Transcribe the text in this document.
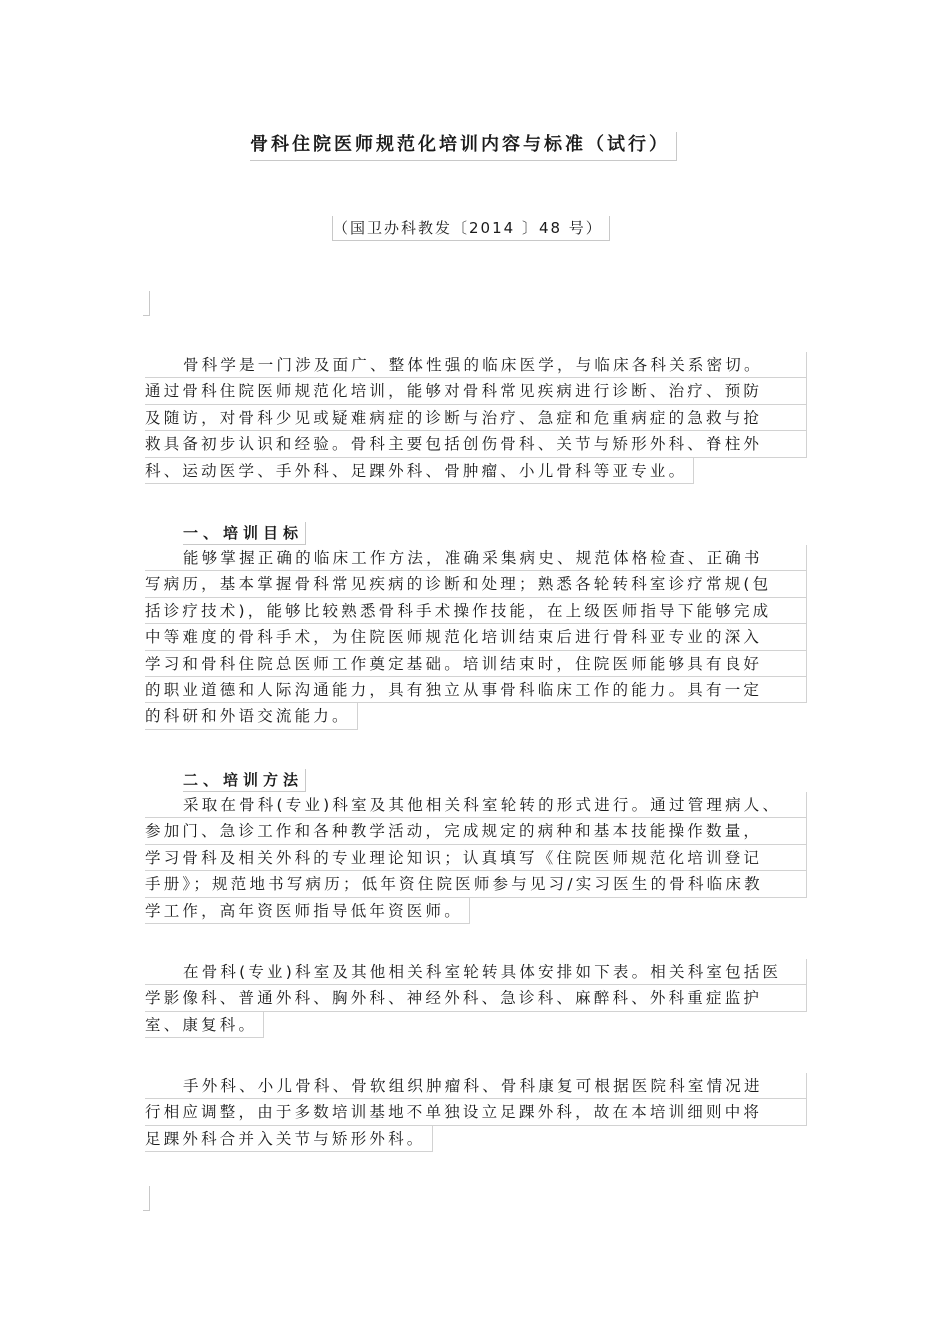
骨科住院医师规范化培训内容与标准（试行）
（国卫办科教发〔2014 〕48 号）
骨科学是一门涉及面广、整体性强的临床医学，与临床各科关系密切。
通过骨科住院医师规范化培训，能够对骨科常见疾病进行诊断、治疗、预防
及随访，对骨科少见或疑难病症的诊断与治疗、急症和危重病症的急救与抢
救具备初步认识和经验。骨科主要包括创伤骨科、关节与矫形外科、脊柱外
科、运动医学、手外科、足踝外科、骨肿瘤、小儿骨科等亚专业。
一、培训目标
能够掌握正确的临床工作方法，准确采集病史、规范体格检查、正确书
写病历，基本掌握骨科常见疾病的诊断和处理；熟悉各轮转科室诊疗常规(包
括诊疗技术)，能够比较熟悉骨科手术操作技能，在上级医师指导下能够完成
中等难度的骨科手术，为住院医师规范化培训结束后进行骨科亚专业的深入
学习和骨科住院总医师工作奠定基础。培训结束时，住院医师能够具有良好
的职业道德和人际沟通能力，具有独立从事骨科临床工作的能力。具有一定
的科研和外语交流能力。
二、培训方法
采取在骨科(专业)科室及其他相关科室轮转的形式进行。通过管理病人、
参加门、急诊工作和各种教学活动，完成规定的病种和基本技能操作数量，
学习骨科及相关外科的专业理论知识；认真填写《住院医师规范化培训登记
手册》；规范地书写病历；低年资住院医师参与见习/实习医生的骨科临床教
学工作，高年资医师指导低年资医师。
在骨科(专业)科室及其他相关科室轮转具体安排如下表。相关科室包括医
学影像科、普通外科、胸外科、神经外科、急诊科、麻醉科、外科重症监护
室、康复科。
手外科、小儿骨科、骨软组织肿瘤科、骨科康复可根据医院科室情况进
行相应调整，由于多数培训基地不单独设立足踝外科，故在本培训细则中将
足踝外科合并入关节与矫形外科。
